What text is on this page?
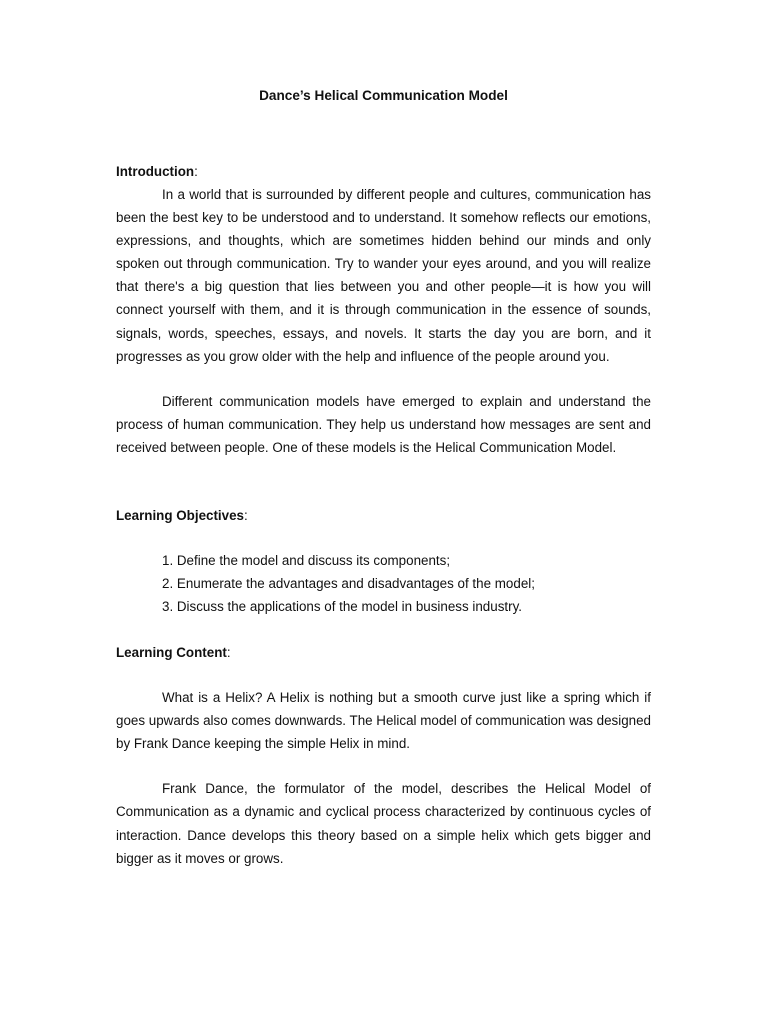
Dance’s Helical Communication Model

Introduction:

In a world that is surrounded by different people and cultures, communication has been the best key to be understood and to understand. It somehow reflects our emotions, expressions, and thoughts, which are sometimes hidden behind our minds and only spoken out through communication. Try to wander your eyes around, and you will realize that there's a big question that lies between you and other people—it is how you will connect yourself with them, and it is through communication in the essence of sounds, signals, words, speeches, essays, and novels. It starts the day you are born, and it progresses as you grow older with the help and influence of the people around you.

Different communication models have emerged to explain and understand the process of human communication. They help us understand how messages are sent and received between people. One of these models is the Helical Communication Model.

Learning Objectives:

1. Define the model and discuss its components;
2. Enumerate the advantages and disadvantages of the model;
3. Discuss the applications of the model in business industry.

Learning Content:

What is a Helix? A Helix is nothing but a smooth curve just like a spring which if goes upwards also comes downwards. The Helical model of communication was designed by Frank Dance keeping the simple Helix in mind.

Frank Dance, the formulator of the model, describes the Helical Model of Communication as a dynamic and cyclical process characterized by continuous cycles of interaction. Dance develops this theory based on a simple helix which gets bigger and bigger as it moves or grows.
